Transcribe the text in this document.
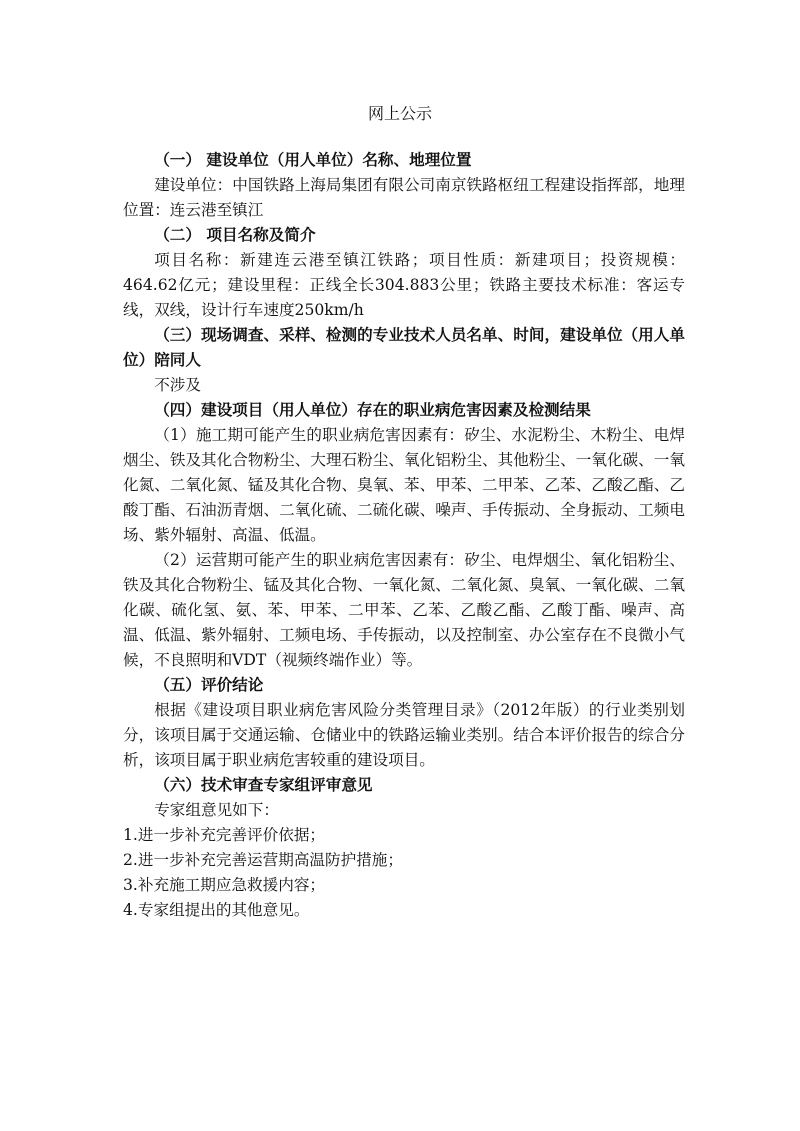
网上公示

（一） 建设单位（用人单位）名称、地理位置

建设单位：中国铁路上海局集团有限公司南京铁路枢纽工程建设指挥部，地理位置：连云港至镇江

（二） 项目名称及简介

项目名称：新建连云港至镇江铁路；项目性质：新建项目；投资规模：464.62亿元；建设里程：正线全长304.883公里；铁路主要技术标准：客运专线，双线，设计行车速度250km/h

（三）现场调查、采样、检测的专业技术人员名单、时间，建设单位（用人单位）陪同人

不涉及

（四）建设项目（用人单位）存在的职业病危害因素及检测结果

（1）施工期可能产生的职业病危害因素有：矽尘、水泥粉尘、木粉尘、电焊烟尘、铁及其化合物粉尘、大理石粉尘、氧化铝粉尘、其他粉尘、一氧化碳、一氧化氮、二氧化氮、锰及其化合物、臭氧、苯、甲苯、二甲苯、乙苯、乙酸乙酯、乙酸丁酯、石油沥青烟、二氧化硫、二硫化碳、噪声、手传振动、全身振动、工频电场、紫外辐射、高温、低温。

（2）运营期可能产生的职业病危害因素有：矽尘、电焊烟尘、氧化铝粉尘、铁及其化合物粉尘、锰及其化合物、一氧化氮、二氧化氮、臭氧、一氧化碳、二氧化碳、硫化氢、氨、苯、甲苯、二甲苯、乙苯、乙酸乙酯、乙酸丁酯、噪声、高温、低温、紫外辐射、工频电场、手传振动，以及控制室、办公室存在不良微小气候，不良照明和VDT（视频终端作业）等。

（五）评价结论

根据《建设项目职业病危害风险分类管理目录》（2012年版）的行业类别划分，该项目属于交通运输、仓储业中的铁路运输业类别。结合本评价报告的综合分析，该项目属于职业病危害较重的建设项目。

（六）技术审查专家组评审意见

专家组意见如下：

1.进一步补充完善评价依据；

2.进一步补充完善运营期高温防护措施；

3.补充施工期应急救援内容；

4.专家组提出的其他意见。
